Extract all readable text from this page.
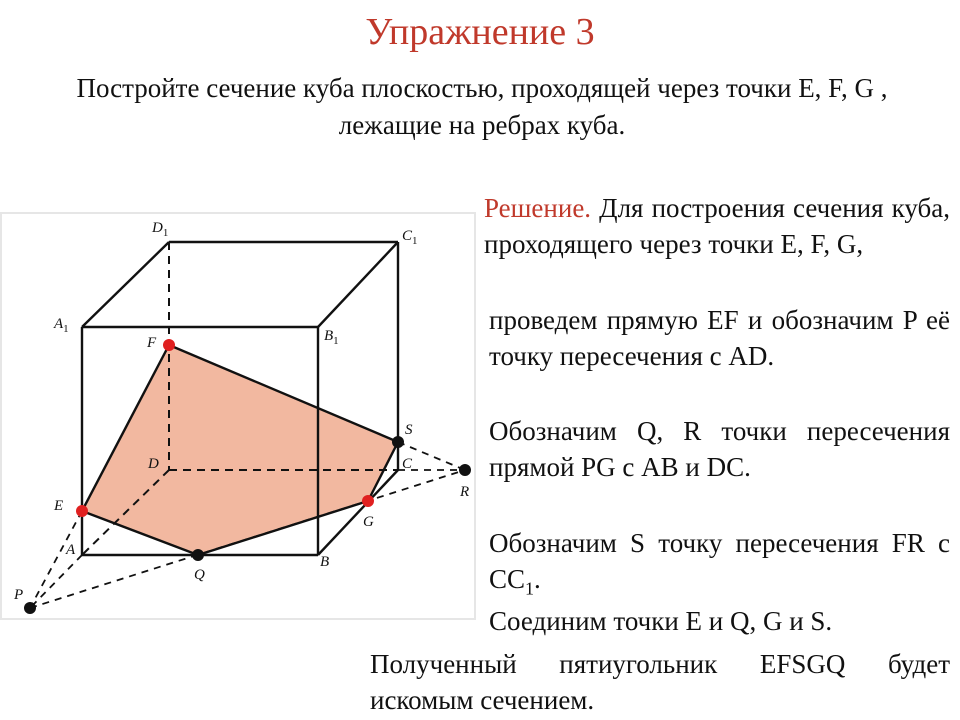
Упражнение 3
Постройте сечение куба плоскостью, проходящей через точки E, F, G , лежащие на ребрах куба.
$D_1$	$C_1$
$A_1$	$B_1$
F
D	C
S
R
E
G
A
B
Q
P
Решение. Для построения сечения куба, проходящего через точки E, F, G,
проведем прямую EF и обозначим P её точку пересечения с AD.
Обозначим Q, R точки пересечения прямой PG с AB и DC.
Обозначим S точку пересечения FR с $CC_1$.
Соединим точки E и Q, G и S.
Полученный пятиугольник EFSGQ будет искомым сечением.
